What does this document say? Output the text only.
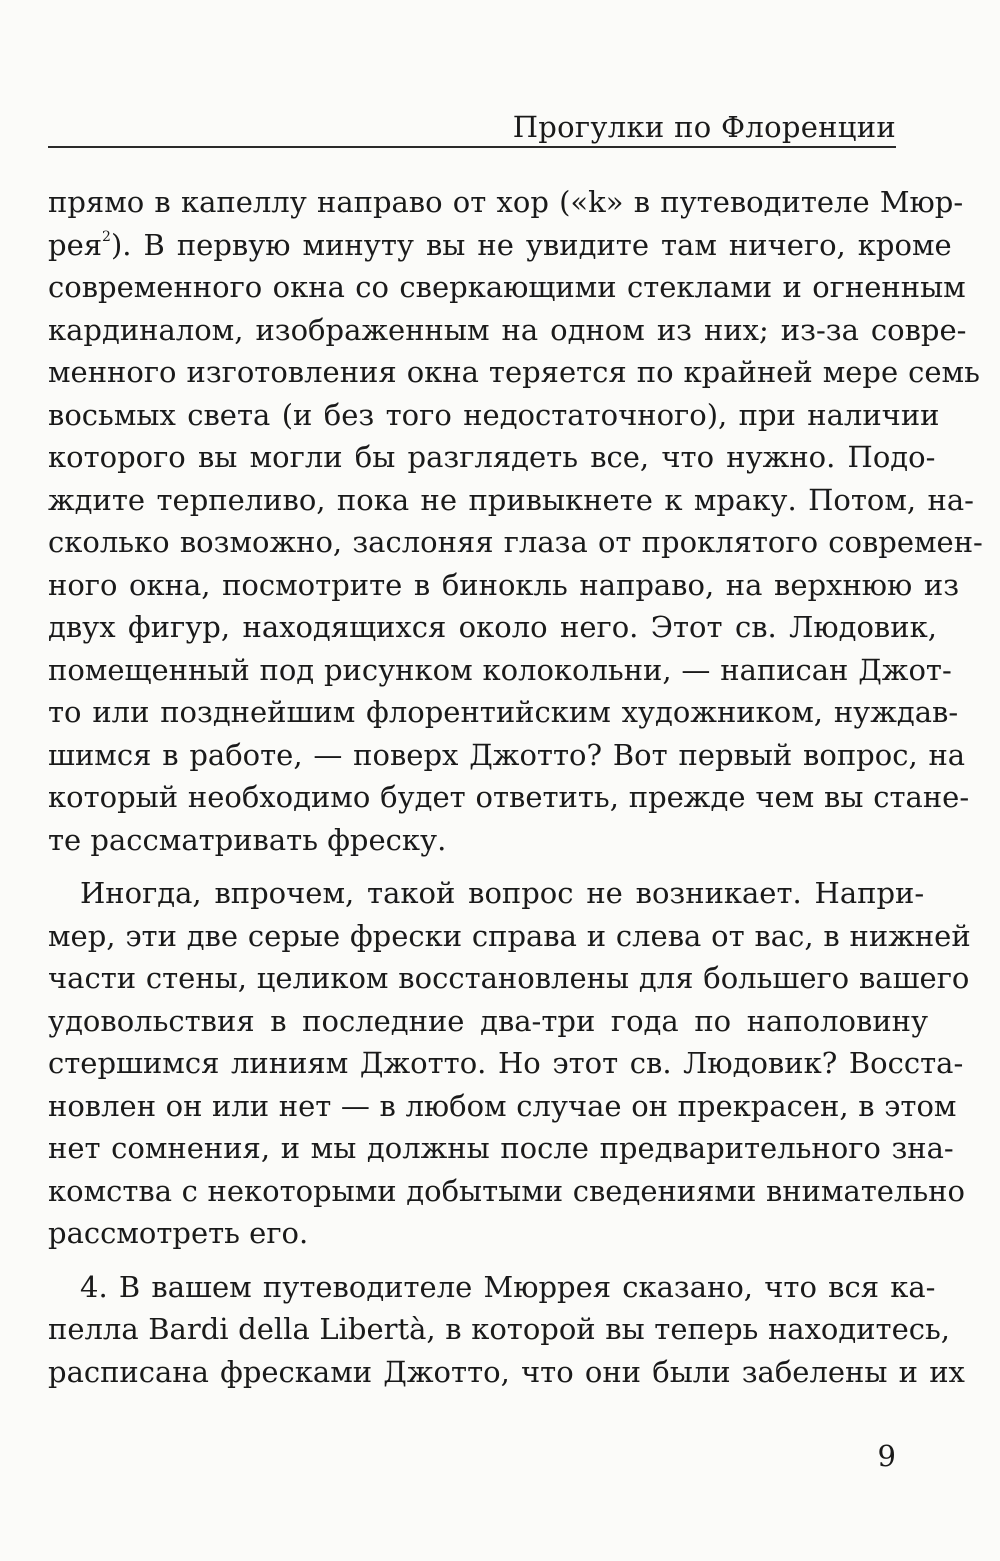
Прогулки по Флоренции
прямо в капеллу направо от хор («k» в путеводителе Мюр-
рея$^2$). В первую минуту вы не увидите там ничего, кроме
современного окна со сверкающими стеклами и огненным
кардиналом, изображенным на одном из них; из-за совре-
менного изготовления окна теряется по крайней мере семь
восьмых света (и без того недостаточного), при наличии
которого вы могли бы разглядеть все, что нужно. Подо-
ждите терпеливо, пока не привыкнете к мраку. Потом, на-
сколько возможно, заслоняя глаза от проклятого современ-
ного окна, посмотрите в бинокль направо, на верхнюю из
двух фигур, находящихся около него. Этот св. Людовик,
помещенный под рисунком колокольни, — написан Джот-
то или позднейшим флорентийским художником, нуждав-
шимся в работе, — поверх Джотто? Вот первый вопрос, на
который необходимо будет ответить, прежде чем вы стане-
те рассматривать фреску.
Иногда, впрочем, такой вопрос не возникает. Напри-
мер, эти две серые фрески справа и слева от вас, в нижней
части стены, целиком восстановлены для большего вашего
удовольствия в последние два-три года по наполовину
стершимся линиям Джотто. Но этот св. Людовик? Восста-
новлен он или нет — в любом случае он прекрасен, в этом
нет сомнения, и мы должны после предварительного зна-
комства с некоторыми добытыми сведениями внимательно
рассмотреть его.
4. В вашем путеводителе Мюррея сказано, что вся ка-
пелла Bardi della Libertà, в которой вы теперь находитесь,
расписана фресками Джотто, что они были забелены и их
9
